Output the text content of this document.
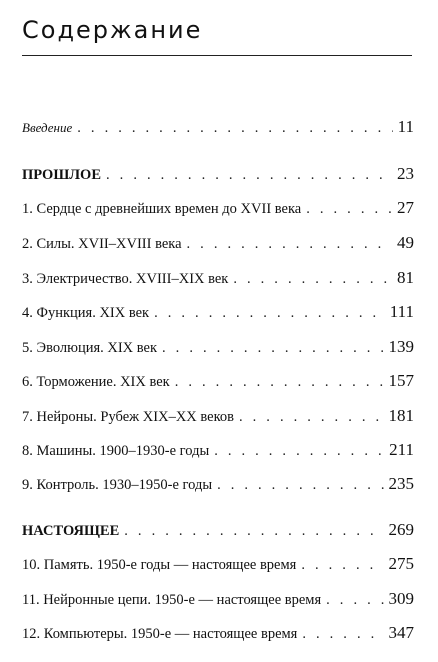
Содержание
Введение . . .	11
ПРОШЛОЕ . . .	23
1. Сердце с древнейших времен до XVII века . . .	27
2. Силы. XVII–XVIII века . . .	49
3. Электричество. XVIII–XIX век . . .	81
4. Функция. XIX век . . .	111
5. Эволюция. XIX век . . .	139
6. Торможение. XIX век . . .	157
7. Нейроны. Рубеж XIX–XX веков . . .	181
8. Машины. 1900–1930-е годы . . .	211
9. Контроль. 1930–1950-е годы . . .	235
НАСТОЯЩЕЕ . . .	269
10. Память. 1950-е годы — настоящее время . . .	275
11. Нейронные цепи. 1950-е — настоящее время . . .	309
12. Компьютеры. 1950-е — настоящее время . . .	347
